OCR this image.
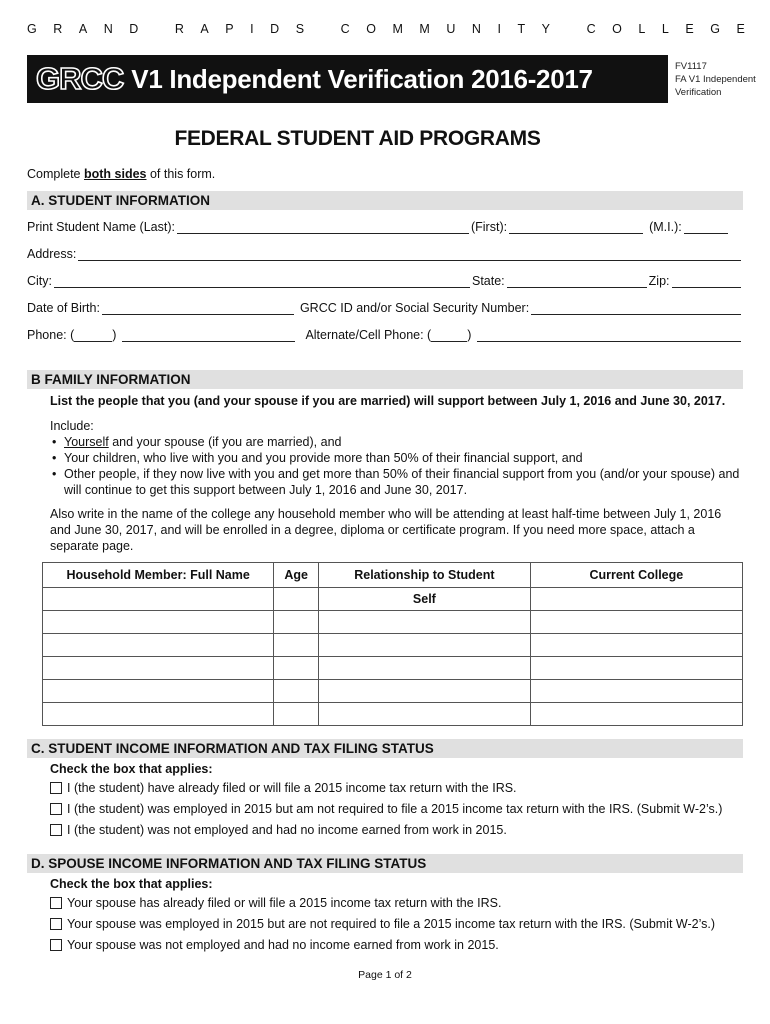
G R A N D
	R A P I D S
	C O M M U N I T Y
	C O L L E G E
GRCC V1 Independent Verification 2016-2017	FV1117
FA V1 Independent
Verification
FEDERAL STUDENT AID PROGRAMS
Complete both sides of this form.
A. STUDENT INFORMATION
Print Student Name (Last):	(First):	(M.I.):
Address:
City:	State:	Zip:
Date of Birth:	GRCC ID and/or Social Security Number:
Phone: (	)	Alternate/Cell Phone: (	)
B FAMILY INFORMATION
List the people that you (and your spouse if you are married) will support between July 1, 2016 and June 30, 2017.
Include:
• Yourself and your spouse (if you are married), and
• Your children, who live with you and you provide more than 50% of their financial support, and
• Other people, if they now live with you and get more than 50% of their financial support from you (and/or your spouse) and will continue to get this support between July 1, 2016 and June 30, 2017.
Also write in the name of the college any household member who will be attending at least half-time between July 1, 2016 and June 30, 2017, and will be enrolled in a degree, diploma or certificate program. If you need more space, attach a separate page.
Household Member: Full Name	Age	Relationship to Student	Current College
		Self	

C. STUDENT INCOME INFORMATION AND TAX FILING STATUS
Check the box that applies:
I (the student) have already filed or will file a 2015 income tax return with the IRS.
I (the student) was employed in 2015 but am not required to file a 2015 income tax return with the IRS. (Submit W-2’s.)
I (the student) was not employed and had no income earned from work in 2015.
D. SPOUSE INCOME INFORMATION AND TAX FILING STATUS
Check the box that applies:
Your spouse has already filed or will file a 2015 income tax return with the IRS.
Your spouse was employed in 2015 but are not required to file a 2015 income tax return with the IRS. (Submit W-2’s.)
Your spouse was not employed and had no income earned from work in 2015.
Page 1 of 2
